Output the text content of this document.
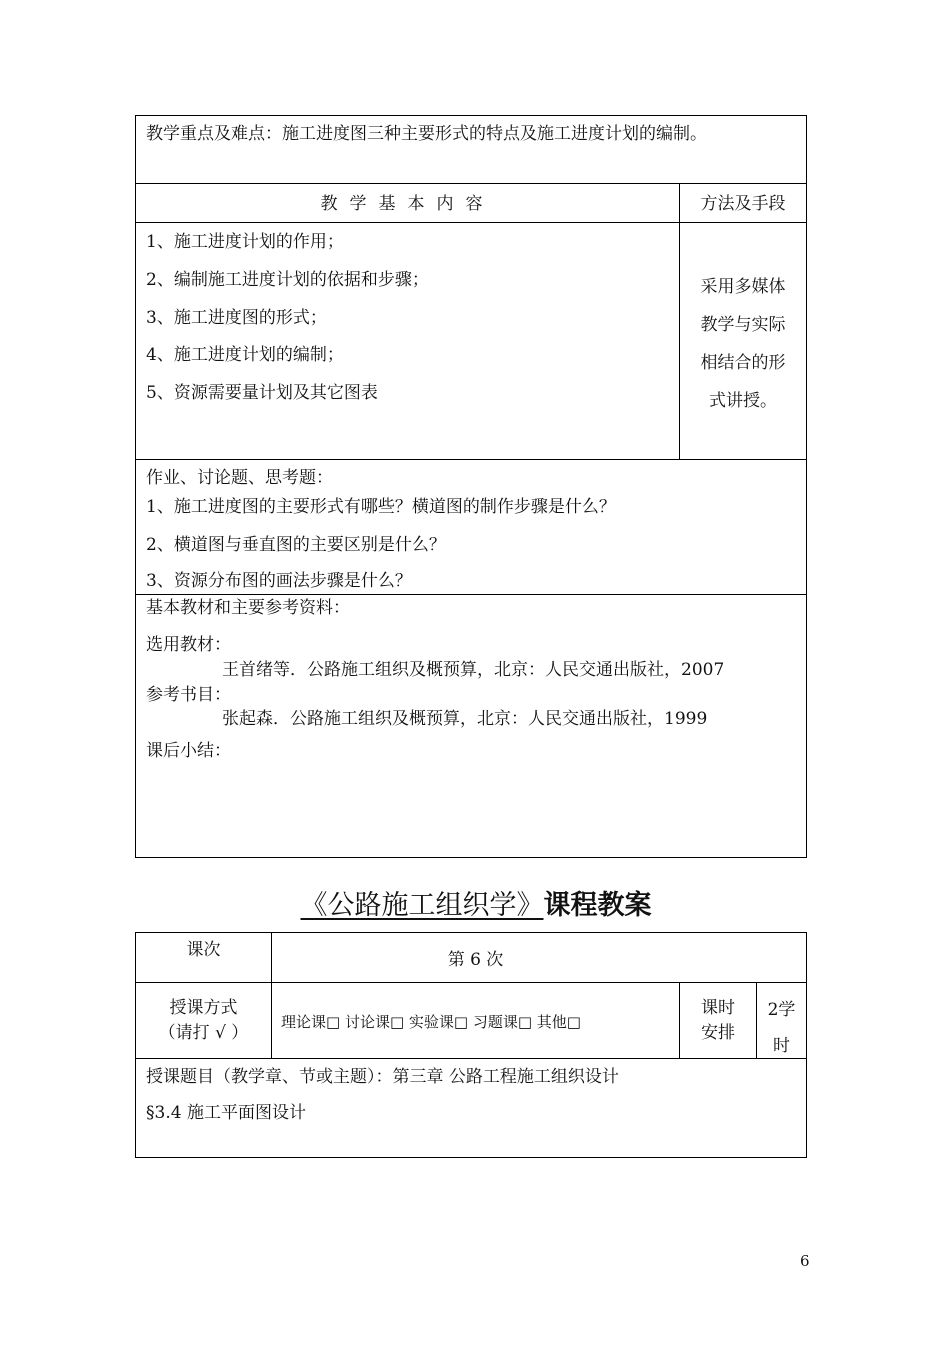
教学重点及难点：施工进度图三种主要形式的特点及施工进度计划的编制。
教学基本内容	方法及手段
1、施工进度计划的作用；
2、编制施工进度计划的依据和步骤；
3、施工进度图的形式；
4、施工进度计划的编制；
5、资源需要量计划及其它图表
采用多媒体
教学与实际
相结合的形
式讲授。
作业、讨论题、思考题：
1、施工进度图的主要形式有哪些？横道图的制作步骤是什么？
2、横道图与垂直图的主要区别是什么？
3、资源分布图的画法步骤是什么？
基本教材和主要参考资料：
选用教材：
王首绪等．公路施工组织及概预算，北京：人民交通出版社，2007
参考书目：
张起森．公路施工组织及概预算，北京：人民交通出版社，1999
课后小结：
《公路施工组织学》课程教案
课次	第 6 次
授课方式
（请打 √ ）
理论课□ 讨论课□ 实验课□ 习题课□ 其他□
课时
安排
2学
时
授课题目（教学章、节或主题）：第三章 公路工程施工组织设计
§3.4 施工平面图设计
6
